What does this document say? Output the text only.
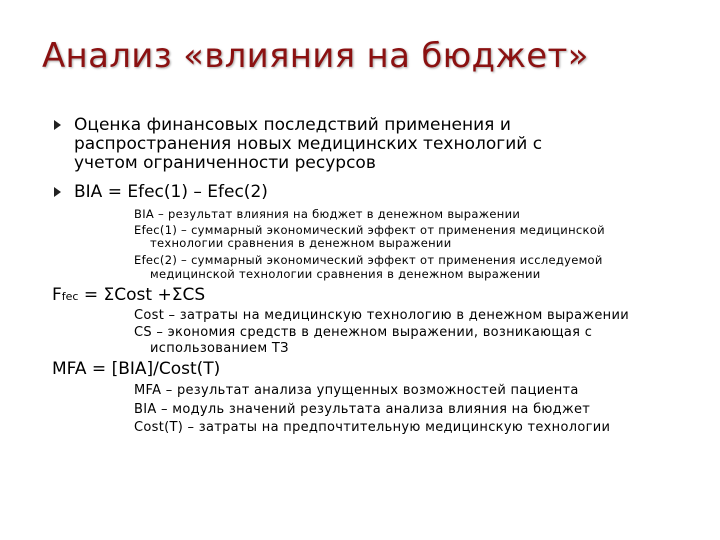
Анализ «влияния на бюджет»
Оценка финансовых последствий применения и
распространения новых медицинских технологий с
учетом ограниченности ресурсов
BIA = Efec(1) – Efec(2)
BIA – результат влияния на бюджет в денежном выражении
Efec(1) – суммарный экономический эффект от применения медицинской
технологии сравнения в денежном выражении
Efec(2) – суммарный экономический эффект от применения исследуемой
медицинской технологии сравнения в денежном выражении
Ffec = ΣCost +ΣCS
Cost – затраты на медицинскую технологию в денежном выражении
CS – экономия средств в денежном выражении, возникающая с
использованием ТЗ
MFA = [BIA]/Cost(T)
MFA – результат анализа упущенных возможностей пациента
BIA – модуль значений результата анализа влияния на бюджет
Cost(T) – затраты на предпочтительную медицинскую технологии
